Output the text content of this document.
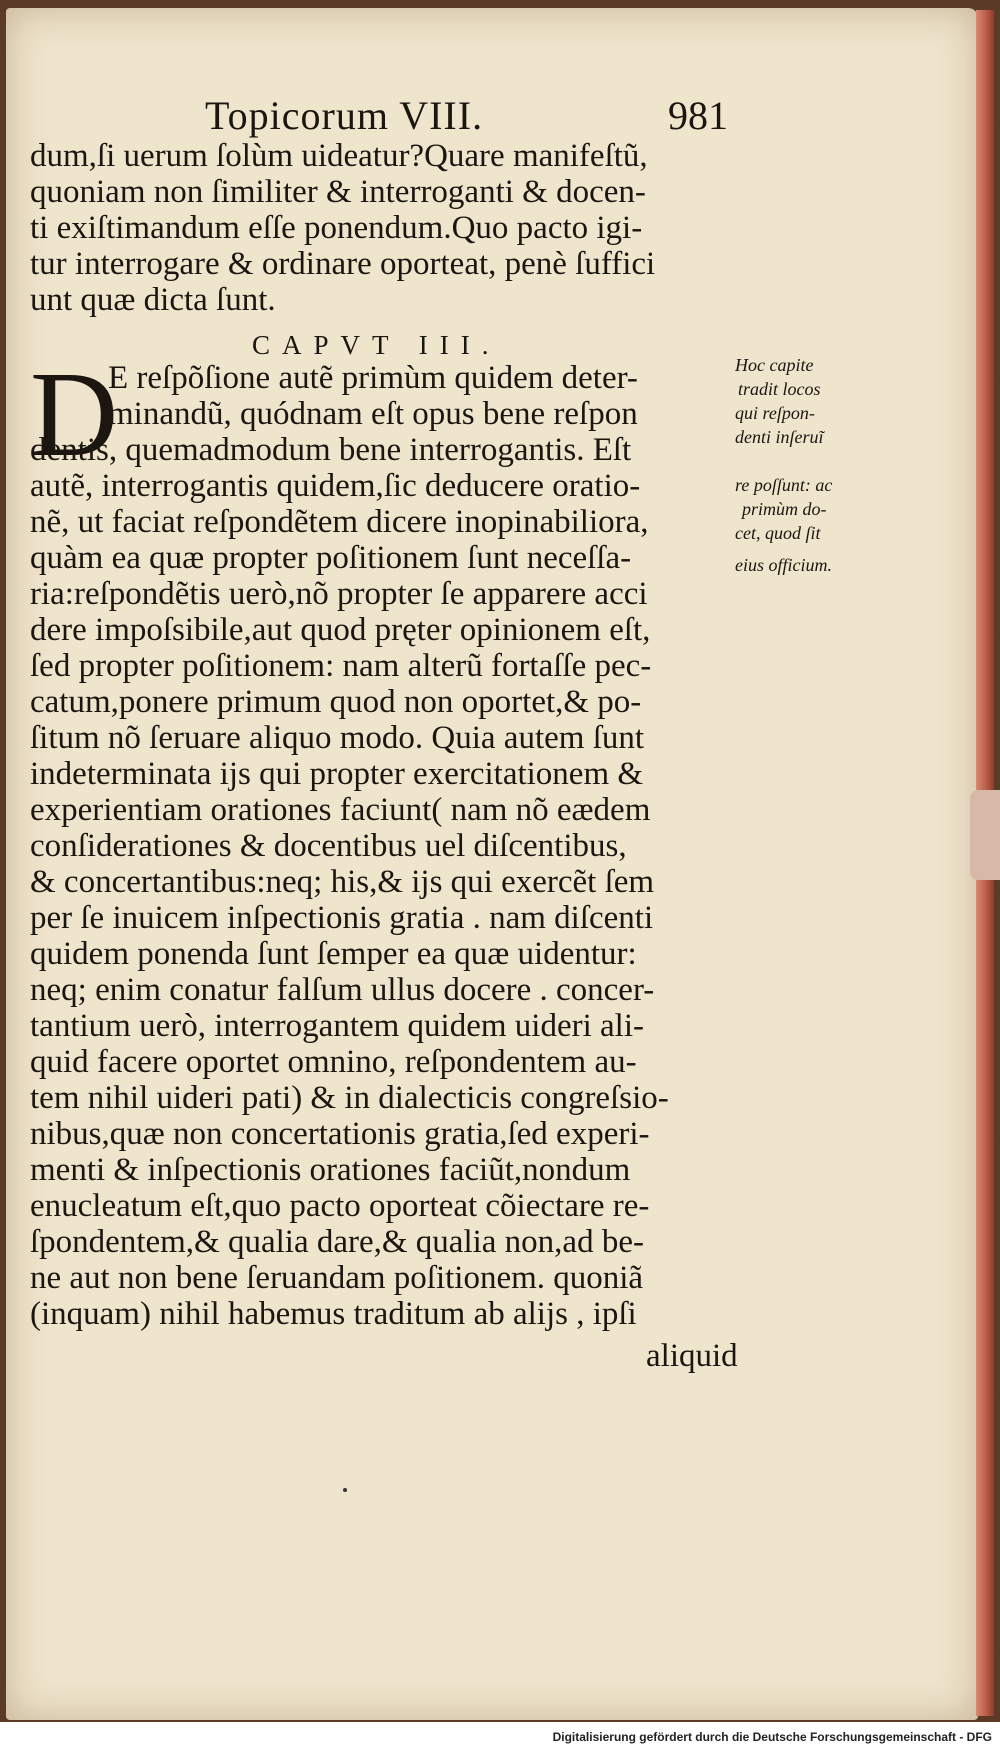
Topicorum VIII.	981
dum,ſi uerum ſolùm uideatur?Quare manifeſtũ,
quoniam non ſimiliter & interroganti & docen-
ti exiſtimandum eſſe ponendum.Quo pacto igi-
tur interrogare & ordinare oporteat, penè ſuffici
unt quæ dicta ſunt.
CAPVT III.
D
E reſpõſione autẽ primùm quidem deter-
minandũ, quódnam eſt opus bene reſpon
dentis, quemadmodum bene interrogantis. Eſt
autẽ, interrogantis quidem,ſic deducere oratio-
nẽ, ut faciat reſpondẽtem dicere inopinabiliora,
quàm ea quæ propter poſitionem ſunt neceſſa-
ria:reſpondẽtis uerò,nõ propter ſe apparere acci
dere impoſsibile,aut quod pręter opinionem eſt,
ſed propter poſitionem: nam alterũ fortaſſe pec-
catum,ponere primum quod non oportet,& po-
ſitum nõ ſeruare aliquo modo. Quia autem ſunt
indeterminata ijs qui propter exercitationem &
experientiam orationes faciunt( nam nõ eædem
conſiderationes & docentibus uel diſcentibus,
& concertantibus:neq; his,& ijs qui exercẽt ſem
per ſe inuicem inſpectionis gratia . nam diſcenti
quidem ponenda ſunt ſemper ea quæ uidentur:
neq; enim conatur falſum ullus docere . concer-
tantium uerò, interrogantem quidem uideri ali-
quid facere oportet omnino, reſpondentem au-
tem nihil uideri pati) & in dialecticis congreſsio-
nibus,quæ non concertationis gratia,ſed experi-
menti & inſpectionis orationes faciũt,nondum
enucleatum eſt,quo pacto oporteat cõiectare re-
ſpondentem,& qualia dare,& qualia non,ad be-
ne aut non bene ſeruandam poſitionem. quoniã
(inquam) nihil habemus traditum ab alijs , ipſi
aliquid
Hoc capite
tradit locos
qui reſpon-
denti inſeruĩ
re poſſunt: ac
primùm do-
cet, quod ſit
eius officium.
Digitalisierung gefördert durch die Deutsche Forschungsgemeinschaft - DFG
